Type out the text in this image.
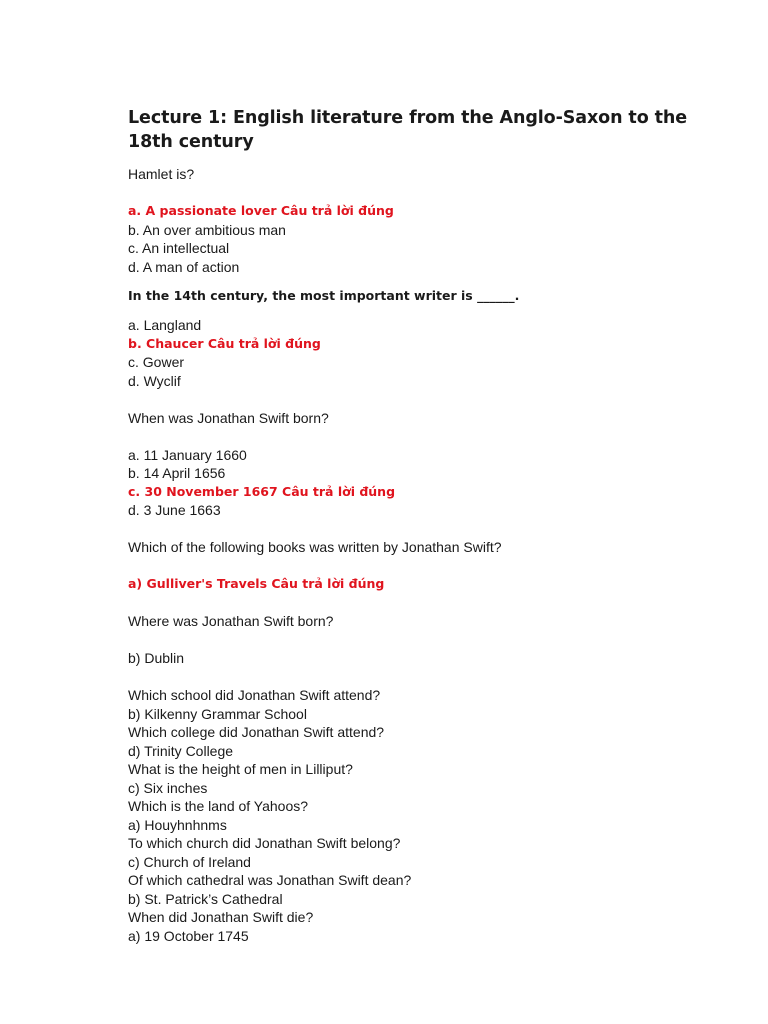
Lecture 1: English literature from the Anglo-Saxon to the 18th century
Hamlet is?
a. A passionate lover Câu trả lời đúng
b. An over ambitious man
c. An intellectual
d. A man of action
In the 14th century, the most important writer is ______.
a. Langland
b. Chaucer Câu trả lời đúng
c. Gower
d. Wyclif
When was Jonathan Swift born?
a. 11 January 1660
b. 14 April 1656
c. 30 November 1667 Câu trả lời đúng
d. 3 June 1663
Which of the following books was written by Jonathan Swift?
a) Gulliver's Travels Câu trả lời đúng
Where was Jonathan Swift born?
b) Dublin
Which school did Jonathan Swift attend?
b) Kilkenny Grammar School
Which college did Jonathan Swift attend?
d) Trinity College
What is the height of men in Lilliput?
c) Six inches
Which is the land of Yahoos?
a) Houyhnhnms
To which church did Jonathan Swift belong?
c) Church of Ireland
Of which cathedral was Jonathan Swift dean?
b) St. Patrick’s Cathedral
When did Jonathan Swift die?
a) 19 October 1745
